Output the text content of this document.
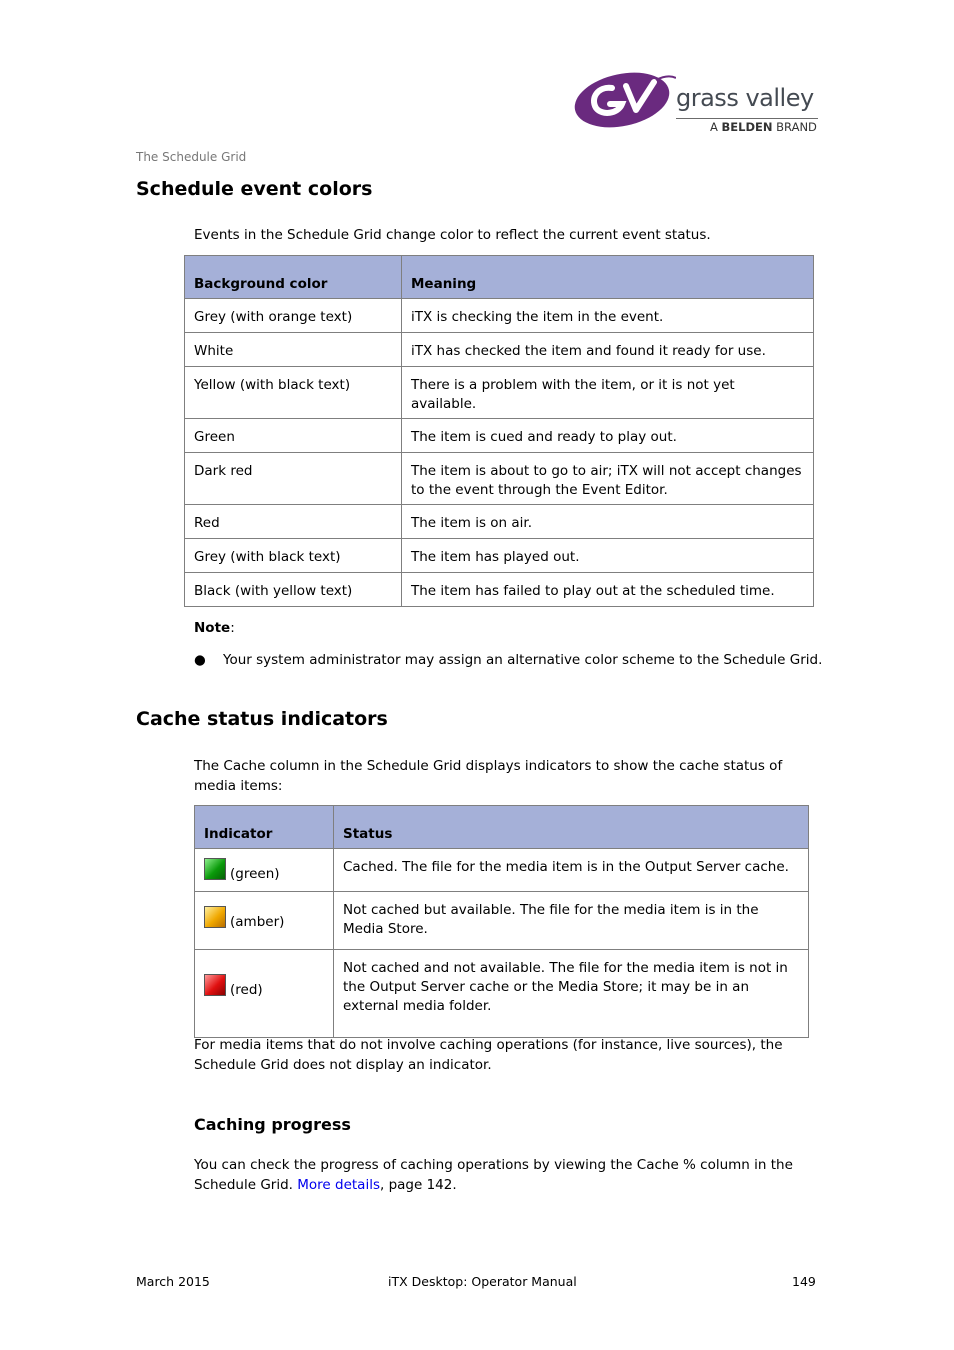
grass valley
A BELDEN BRAND
The Schedule Grid
Schedule event colors

Events in the Schedule Grid change color to reflect the current event status.

Background color	Meaning
Grey (with orange text)	iTX is checking the item in the event.
White	iTX has checked the item and found it ready for use.
Yellow (with black text)	There is a problem with the item, or it is not yet available.
Green	The item is cued and ready to play out.
Dark red	The item is about to go to air; iTX will not accept changes to the event through the Event Editor.
Red	The item is on air.
Grey (with black text)	The item has played out.
Black (with yellow text)	The item has failed to play out at the scheduled time.
Note:
● Your system administrator may assign an alternative color scheme to the Schedule Grid.
Cache status indicators

The Cache column in the Schedule Grid displays indicators to show the cache status of media items:

Indicator	Status
(green)	Cached. The file for the media item is in the Output Server cache.
(amber)	Not cached but available. The file for the media item is in the Media Store.
(red)	Not cached and not available. The file for the media item is not in the Output Server cache or the Media Store; it may be in an external media folder.

For media items that do not involve caching operations (for instance, live sources), the Schedule Grid does not display an indicator.

Caching progress

You can check the progress of caching operations by viewing the Cache % column in the Schedule Grid. More details, page 142.

March 2015	iTX Desktop: Operator Manual	149
